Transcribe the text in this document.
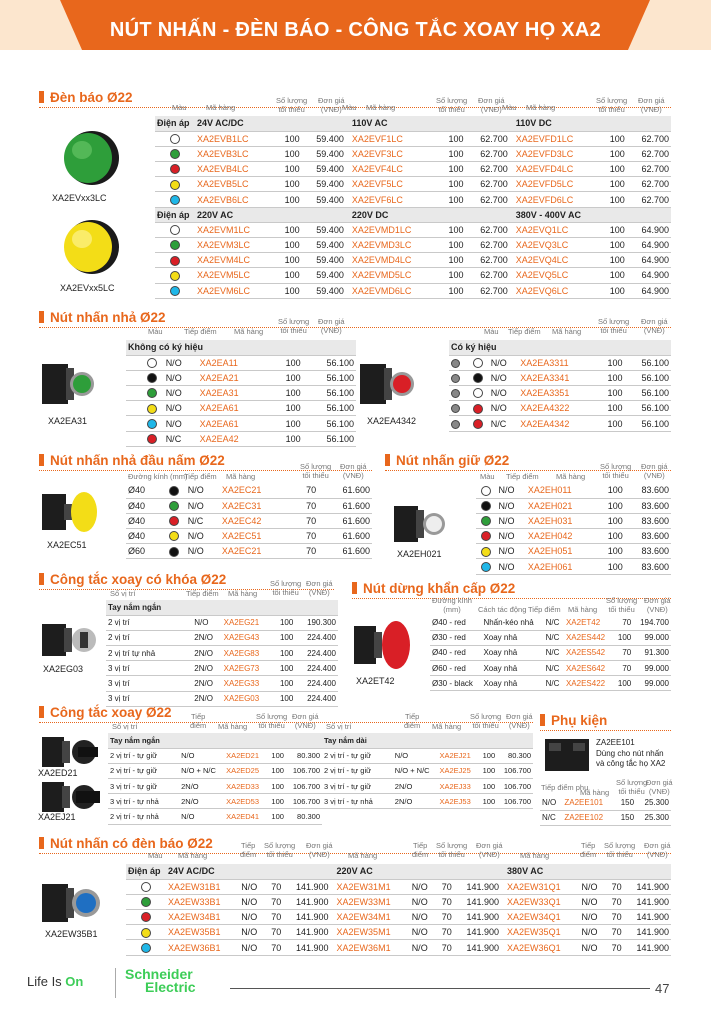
NÚT NHẤN - ĐÈN BÁO - CÔNG TẮC XOAY HỌ XA2
Đèn báo Ø22
Màu	Mã hàng
Số lượng
tối thiểu
Đơn giá
(VNĐ) Màu Mã hàng
Số lượng
tối thiểu
Đơn giá
(VNĐ) Màu Mã hàng
Số lượng
tối thiểu
Đơn giá
(VNĐ)
XA2EVxx3LC
XA2EVxx5LC
Điện áp	24V AC/DC				110V AC				110V DC		
	XA2EVB1LC	100	59.400		XA2EVF1LC	100	62.700		XA2EVFD1LC	100	62.700
	XA2EVB3LC	100	59.400		XA2EVF3LC	100	62.700		XA2EVFD3LC	100	62.700
	XA2EVB4LC	100	59.400		XA2EVF4LC	100	62.700		XA2EVFD4LC	100	62.700
	XA2EVB5LC	100	59.400		XA2EVF5LC	100	62.700		XA2EVFD5LC	100	62.700
	XA2EVB6LC	100	59.400		XA2EVF6LC	100	62.700		XA2EVFD6LC	100	62.700
Điện áp	220V AC				220V DC				380V - 400V AC		
	XA2EVM1LC	100	59.400		XA2EVMD1LC	100	62.700		XA2EVQ1LC	100	64.900
	XA2EVM3LC	100	59.400		XA2EVMD3LC	100	62.700		XA2EVQ3LC	100	64.900
	XA2EVM4LC	100	59.400		XA2EVMD4LC	100	62.700		XA2EVQ4LC	100	64.900
	XA2EVM5LC	100	59.400		XA2EVMD5LC	100	62.700		XA2EVQ5LC	100	64.900
	XA2EVM6LC	100	59.400		XA2EVMD6LC	100	62.700		XA2EVQ6LC	100	64.900
Nút nhấn nhả Ø22
Màu	Tiếp điểm Mã hàng
Số lượng
tối thiểu
Đơn giá
(VNĐ)	Màu Tiếp điểm Mã hàng
Số lượng
tối thiểu
Đơn giá
(VNĐ)
XA2EA31
Không có ký hiệu					
		N/O	XA2EA11	100	56.100
		N/O	XA2EA21	100	56.100
		N/O	XA2EA31	100	56.100
		N/O	XA2EA61	100	56.100
		N/O	XA2EA61	100	56.100
		N/C	XA2EA42	100	56.100
XA2EA4342
Có ký hiệu					
		N/O	XA2EA3311	100	56.100
		N/O	XA2EA3341	100	56.100
		N/O	XA2EA3351	100	56.100
		N/O	XA2EA4322	100	56.100
		N/C	XA2EA4342	100	56.100
Nút nhấn nhả đầu nấm Ø22
Đường kính (mm)
Tiếp điểm Mã hàng
Số lượng
tối thiểu
Đơn giá
(VNĐ)
XA2EC51
Ø40		N/O	XA2EC21	70	61.600
Ø40		N/O	XA2EC31	70	61.600
Ø40		N/C	XA2EC42	70	61.600
Ø40		N/O	XA2EC51	70	61.600
Ø60		N/O	XA2EC21	70	61.600
Nút nhấn giữ Ø22
Màu Tiếp điểm Mã hàng
Số lượng
tối thiểu
Đơn giá
(VNĐ)
XA2EH021
	N/O	XA2EH011	100	83.600
	N/O	XA2EH021	100	83.600
	N/O	XA2EH031	100	83.600
	N/O	XA2EH042	100	83.600
	N/O	XA2EH051	100	83.600
	N/O	XA2EH061	100	83.600
Công tắc xoay có khóa Ø22
Số vị trí	Tiếp điểm Mã hàng
Số lượng
tối thiểu
Đơn giá
(VNĐ)
XA2EG03
Tay nắm ngắn					
2 vị trí		N/O	XA2EG21	100	190.300
2 vị trí		2N/O	XA2EG43	100	224.400
2 vị trí tự nhả		2N/O	XA2EG83	100	224.400
3 vị trí		2N/O	XA2EG73	100	224.400
3 vị trí		2N/O	XA2EG33	100	224.400
3 vị trí		2N/O	XA2EG03	100	224.400
Nút dừng khẩn cấp Ø22
Đường kính
(mm)	Cách tác động Tiếp điểm Mã hàng
Số lượng
tối thiểu
Đơn giá
(VNĐ)
XA2ET42
Ø40 - red	Nhấn-kéo nhả	N/C	XA2ET42	70	194.700
Ø30 - red	Xoay nhả	N/C	XA2ES442	100	99.000
Ø40 - red	Xoay nhả	N/C	XA2ES542	70	91.300
Ø60 - red	Xoay nhả	N/C	XA2ES642	70	99.000
Ø30 - black	Xoay nhả	N/C	XA2ES422	100	99.000
Công tắc xoay Ø22
Số vị trí
Tiếp
điểm Mã hàng
Số lượng
tối thiểu
Đơn giá
(VNĐ)	Số vị trí
Tiếp
điểm Mã hàng
Số lượng
tối thiểu
Đơn giá
(VNĐ)
XA2ED21
XA2EJ21
Tay nắm ngắn					
2 vị trí - tự giữ		N/O	XA2ED21	100	80.300
2 vị trí - tự giữ		N/O + N/C	XA2ED25	100	106.700
3 vị trí - tự giữ		2N/O	XA2ED33	100	106.700
3 vị trí - tự nhả		2N/O	XA2ED53	100	106.700
2 vị trí - tự nhả		N/O	XA2ED41	100	80.300
Tay nắm dài					
2 vị trí - tự giữ		N/O	XA2EJ21	100	80.300
2 vị trí - tự giữ		N/O + N/C	XA2EJ25	100	106.700
3 vị trí - tự giữ		2N/O	XA2EJ33	100	106.700
3 vị trí - tự nhả		2N/O	XA2EJ53	100	106.700
Phụ kiện
ZA2EE101
Dùng cho nút nhấn
và công tắc họ XA2
Tiếp điểm phụ
Mã hàng
Số lượng
tối thiểu
Đơn giá
(VNĐ)
N/O	ZA2EE101	150	25.300
N/C	ZA2EE102	150	25.300
Nút nhấn có đèn báo Ø22
Màu Mã hàng
Tiếp
điểm
Số lượng
tối thiểu
Đơn giá
(VNĐ)	Mã hàng
Tiếp
điểm
Số lượng
tối thiểu
Đơn giá
(VNĐ)	Mã hàng
Tiếp
điểm
Số lượng
tối thiểu
Đơn giá
(VNĐ)
XA2EW35B1
Điện áp	24V AC/DC					220V AC					380V AC			
	XA2EW31B1	N/O	70	141.900		XA2EW31M1	N/O	70	141.900		XA2EW31Q1	N/O	70	141.900
	XA2EW33B1	N/O	70	141.900		XA2EW33M1	N/O	70	141.900		XA2EW33Q1	N/O	70	141.900
	XA2EW34B1	N/O	70	141.900		XA2EW34M1	N/O	70	141.900		XA2EW34Q1	N/O	70	141.900
	XA2EW35B1	N/O	70	141.900		XA2EW35M1	N/O	70	141.900		XA2EW35Q1	N/O	70	141.900
	XA2EW36B1	N/O	70	141.900		XA2EW36M1	N/O	70	141.900		XA2EW36Q1	N/O	70	141.900
Life Is On	Schneider
Electric	47
